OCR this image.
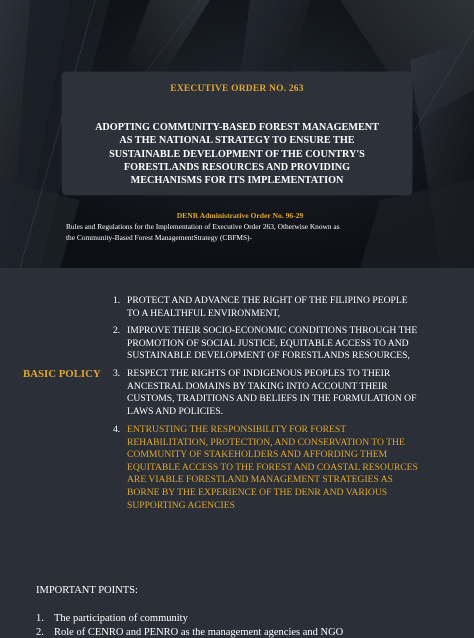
EXECUTIVE ORDER NO. 263
ADOPTING COMMUNITY-BASED FOREST MANAGEMENT
AS THE NATIONAL STRATEGY TO ENSURE THE
SUSTAINABLE DEVELOPMENT OF THE COUNTRY'S
FORESTLANDS RESOURCES AND PROVIDING
MECHANISMS FOR ITS IMPLEMENTATION
DENR Administrative Order No. 96-29
Rules and Regulations for the Implementation of Executive Order 263, Otherwise Known as
the Community-Based Forest ManagementStrategy (CBFMS)-
BASIC POLICY
1. PROTECT AND ADVANCE THE RIGHT OF THE FILIPINO PEOPLE
TO A HEALTHFUL ENVIRONMENT,
2. IMPROVE THEIR SOCIO-ECONOMIC CONDITIONS THROUGH THE
PROMOTION OF SOCIAL JUSTICE, EQUITABLE ACCESS TO AND
SUSTAINABLE DEVELOPMENT OF FORESTLANDS RESOURCES,
3. RESPECT THE RIGHTS OF INDIGENOUS PEOPLES TO THEIR
ANCESTRAL DOMAINS BY TAKING INTO ACCOUNT THEIR
CUSTOMS, TRADITIONS AND BELIEFS IN THE FORMULATION OF
LAWS AND POLICIES.
4. ENTRUSTING THE RESPONSIBILITY FOR FOREST
REHABILITATION, PROTECTION, AND CONSERVATION TO THE
COMMUNITY OF STAKEHOLDERS AND AFFORDING THEM
EQUITABLE ACCESS TO THE FOREST AND COASTAL RESOURCES
ARE VIABLE FORESTLAND MANAGEMENT STRATEGIES AS
BORNE BY THE EXPERIENCE OF THE DENR AND VARIOUS
SUPPORTING AGENCIES
IMPORTANT POINTS:
1. The participation of community
2. Role of CENRO and PENRO as the management agencies and NGO
